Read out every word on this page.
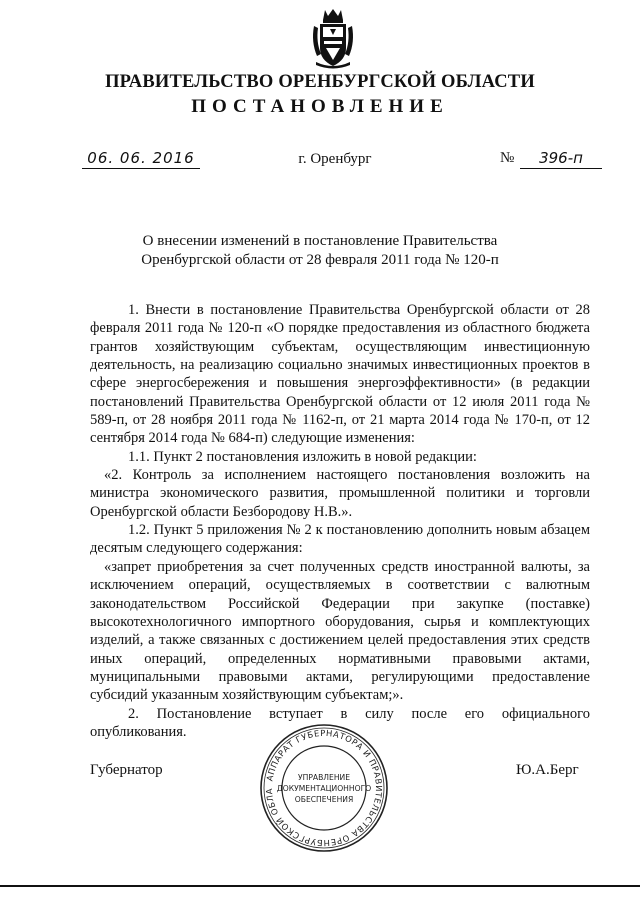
ПРАВИТЕЛЬСТВО ОРЕНБУРГСКОЙ ОБЛАСТИ
ПОСТАНОВЛЕНИЕ
06. 06. 2016	г. Оренбург	№	396-п
О внесении изменений в постановление Правительства
Оренбургской области от 28 февраля 2011 года № 120-п

1. Внести в постановление Правительства Оренбургской области от 28 февраля 2011 года № 120-п «О порядке предоставления из областного бюджета грантов хозяйствующим субъектам, осуществляющим инвестиционную деятельность, на реализацию социально значимых инвестиционных проектов в сфере энергосбережения и повышения энергоэффективности» (в редакции постановлений Правительства Оренбургской области от 12 июля 2011 года № 589-п, от 28 ноября 2011 года № 1162-п, от 21 марта 2014 года № 170-п, от 12 сентября 2014 года № 684-п) следующие изменения:

1.1. Пункт 2 постановления изложить в новой редакции:

«2. Контроль за исполнением настоящего постановления возложить на министра экономического развития, промышленной политики и торговли Оренбургской области Безбородову Н.В.».

1.2. Пункт 5 приложения № 2 к постановлению дополнить новым абзацем десятым следующего содержания:

«запрет приобретения за счет полученных средств иностранной валюты, за исключением операций, осуществляемых в соответствии с валютным законодательством Российской Федерации при закупке (поставке) высокотехнологичного импортного оборудования, сырья и комплектующих изделий, а также связанных с достижением целей предоставления этих средств иных операций, определенных нормативными правовыми актами, муниципальными правовыми актами, регулирующими предоставление субсидий указанным хозяйствующим субъектам;».

2. Постановление вступает в силу после его официального опубликования.

Губернатор	Ю.А.Берг
АППАРАТ ГУБЕРНАТОРА И ПРАВИТЕЛЬСТВА ОРЕНБУРГСКОЙ ОБЛА
УПРАВЛЕНИЕ
ДОКУМЕНТАЦИОННОГО
ОБЕСПЕЧЕНИЯ
